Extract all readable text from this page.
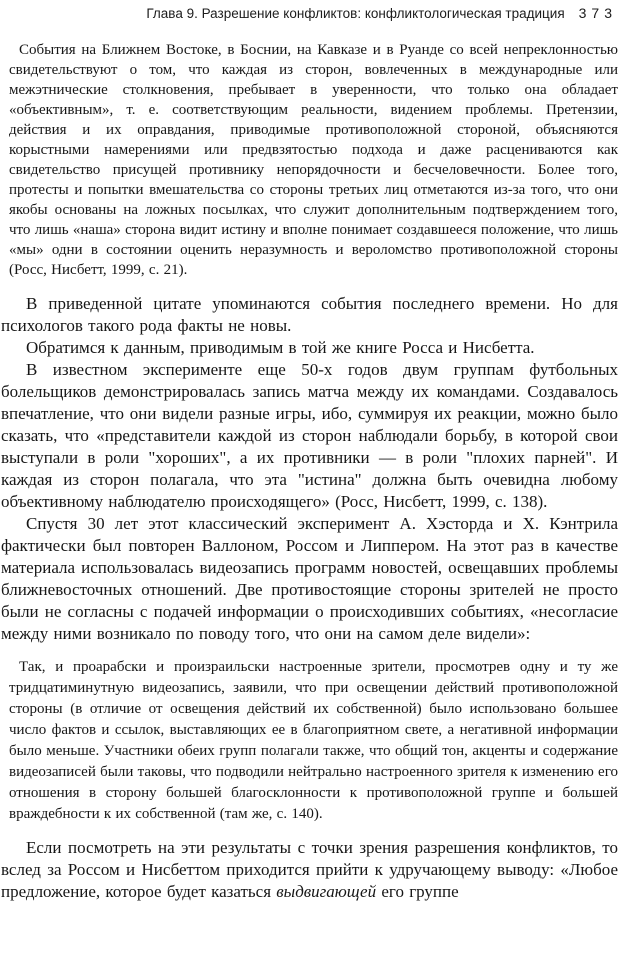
Глава 9. Разрешение конфликтов: конфликтологическая традиция 373

События на Ближнем Востоке, в Боснии, на Кавказе и в Руанде со всей непреклонностью свидетельствуют о том, что каждая из сторон, вовлеченных в международные или межэтнические столкновения, пребывает в уверенности, что только она обладает «объективным», т. е. соответствующим реальности, видением проблемы. Претензии, действия и их оправдания, приводимые противоположной стороной, объясняются корыстными намерениями или предвзятостью подхода и даже расцениваются как свидетельство присущей противнику непорядочности и бесчеловечности. Более того, протесты и попытки вмешательства со стороны третьих лиц отметаются из-за того, что они якобы основаны на ложных посылках, что служит дополнительным подтверждением того, что лишь «наша» сторона видит истину и вполне понимает создавшееся положение, что лишь «мы» одни в состоянии оценить неразумность и вероломство противоположной стороны (Росс, Нисбетт, 1999, с. 21).

В приведенной цитате упоминаются события последнего времени. Но для психологов такого рода факты не новы.

Обратимся к данным, приводимым в той же книге Росса и Нисбетта.

В известном эксперименте еще 50-х годов двум группам футбольных болельщиков демонстрировалась запись матча между их командами. Создавалось впечатление, что они видели разные игры, ибо, суммируя их реакции, можно было сказать, что «представители каждой из сторон наблюдали борьбу, в которой свои выступали в роли "хороших", а их противники — в роли "плохих парней". И каждая из сторон полагала, что эта "истина" должна быть очевидна любому объективному наблюдателю происходящего» (Росс, Нисбетт, 1999, с. 138).

Спустя 30 лет этот классический эксперимент А. Хэсторда и Х. Кэнтрила фактически был повторен Валлоном, Россом и Липпером. На этот раз в качестве материала использовалась видеозапись программ новостей, освещавших проблемы ближневосточных отношений. Две противостоящие стороны зрителей не просто были не согласны с подачей информации о происходивших событиях, «несогласие между ними возникало по поводу того, что они на самом деле видели»:

Так, и проарабски и произраильски настроенные зрители, просмотрев одну и ту же тридцатиминутную видеозапись, заявили, что при освещении действий противоположной стороны (в отличие от освещения действий их собственной) было использовано большее число фактов и ссылок, выставляющих ее в благоприятном свете, а негативной информации было меньше. Участники обеих групп полагали также, что общий тон, акценты и содержание видеозаписей были таковы, что подводили нейтрально настроенного зрителя к изменению его отношения в сторону большей благосклонности к противоположной группе и большей враждебности к их собственной (там же, с. 140).

Если посмотреть на эти результаты с точки зрения разрешения конфликтов, то вслед за Россом и Нисбеттом приходится прийти к удручающему выводу: «Любое предложение, которое будет казаться выдвигающей его группе
